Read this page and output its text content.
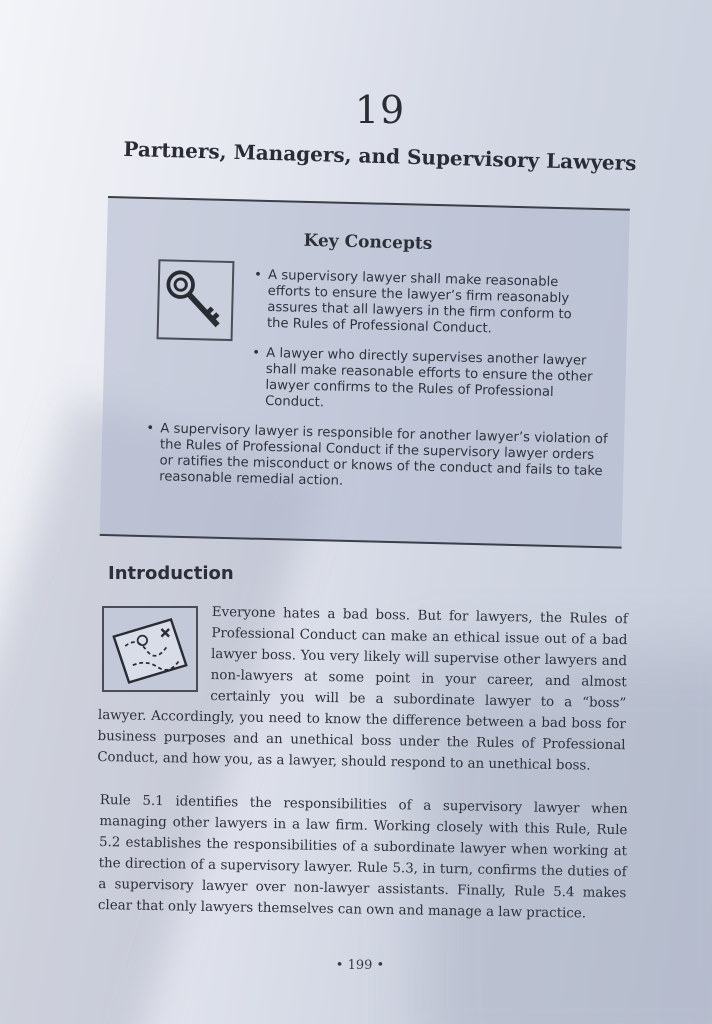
19
Partners, Managers, and Supervisory Lawyers
Key Concepts
• A supervisory lawyer shall make reasonable efforts to ensure the lawyer’s firm reasonably assures that all lawyers in the firm conform to the Rules of Professional Conduct.
• A lawyer who directly supervises another lawyer shall make reasonable efforts to ensure the other lawyer confirms to the Rules of Professional Conduct.
• A supervisory lawyer is responsible for another lawyer’s violation of the Rules of Professional Conduct if the supervisory lawyer orders or ratifies the misconduct or knows of the conduct and fails to take reasonable remedial action.
Introduction
Everyone hates a bad boss. But for lawyers, the Rules of Professional Conduct can make an ethical issue out of a bad lawyer boss. You very likely will supervise other lawyers and non-lawyers at some point in your career, and almost certainly you will be a subordinate lawyer to a “boss” lawyer. Accordingly, you need to know the difference between a bad boss for business purposes and an unethical boss under the Rules of Professional Conduct, and how you, as a lawyer, should respond to an unethical boss.
Rule 5.1 identifies the responsibilities of a supervisory lawyer when managing other lawyers in a law firm. Working closely with this Rule, Rule 5.2 establishes the responsibilities of a subordinate lawyer when working at the direction of a supervisory lawyer. Rule 5.3, in turn, confirms the duties of a supervisory lawyer over non-lawyer assistants. Finally, Rule 5.4 makes clear that only lawyers themselves can own and manage a law practice.
• 199 •
